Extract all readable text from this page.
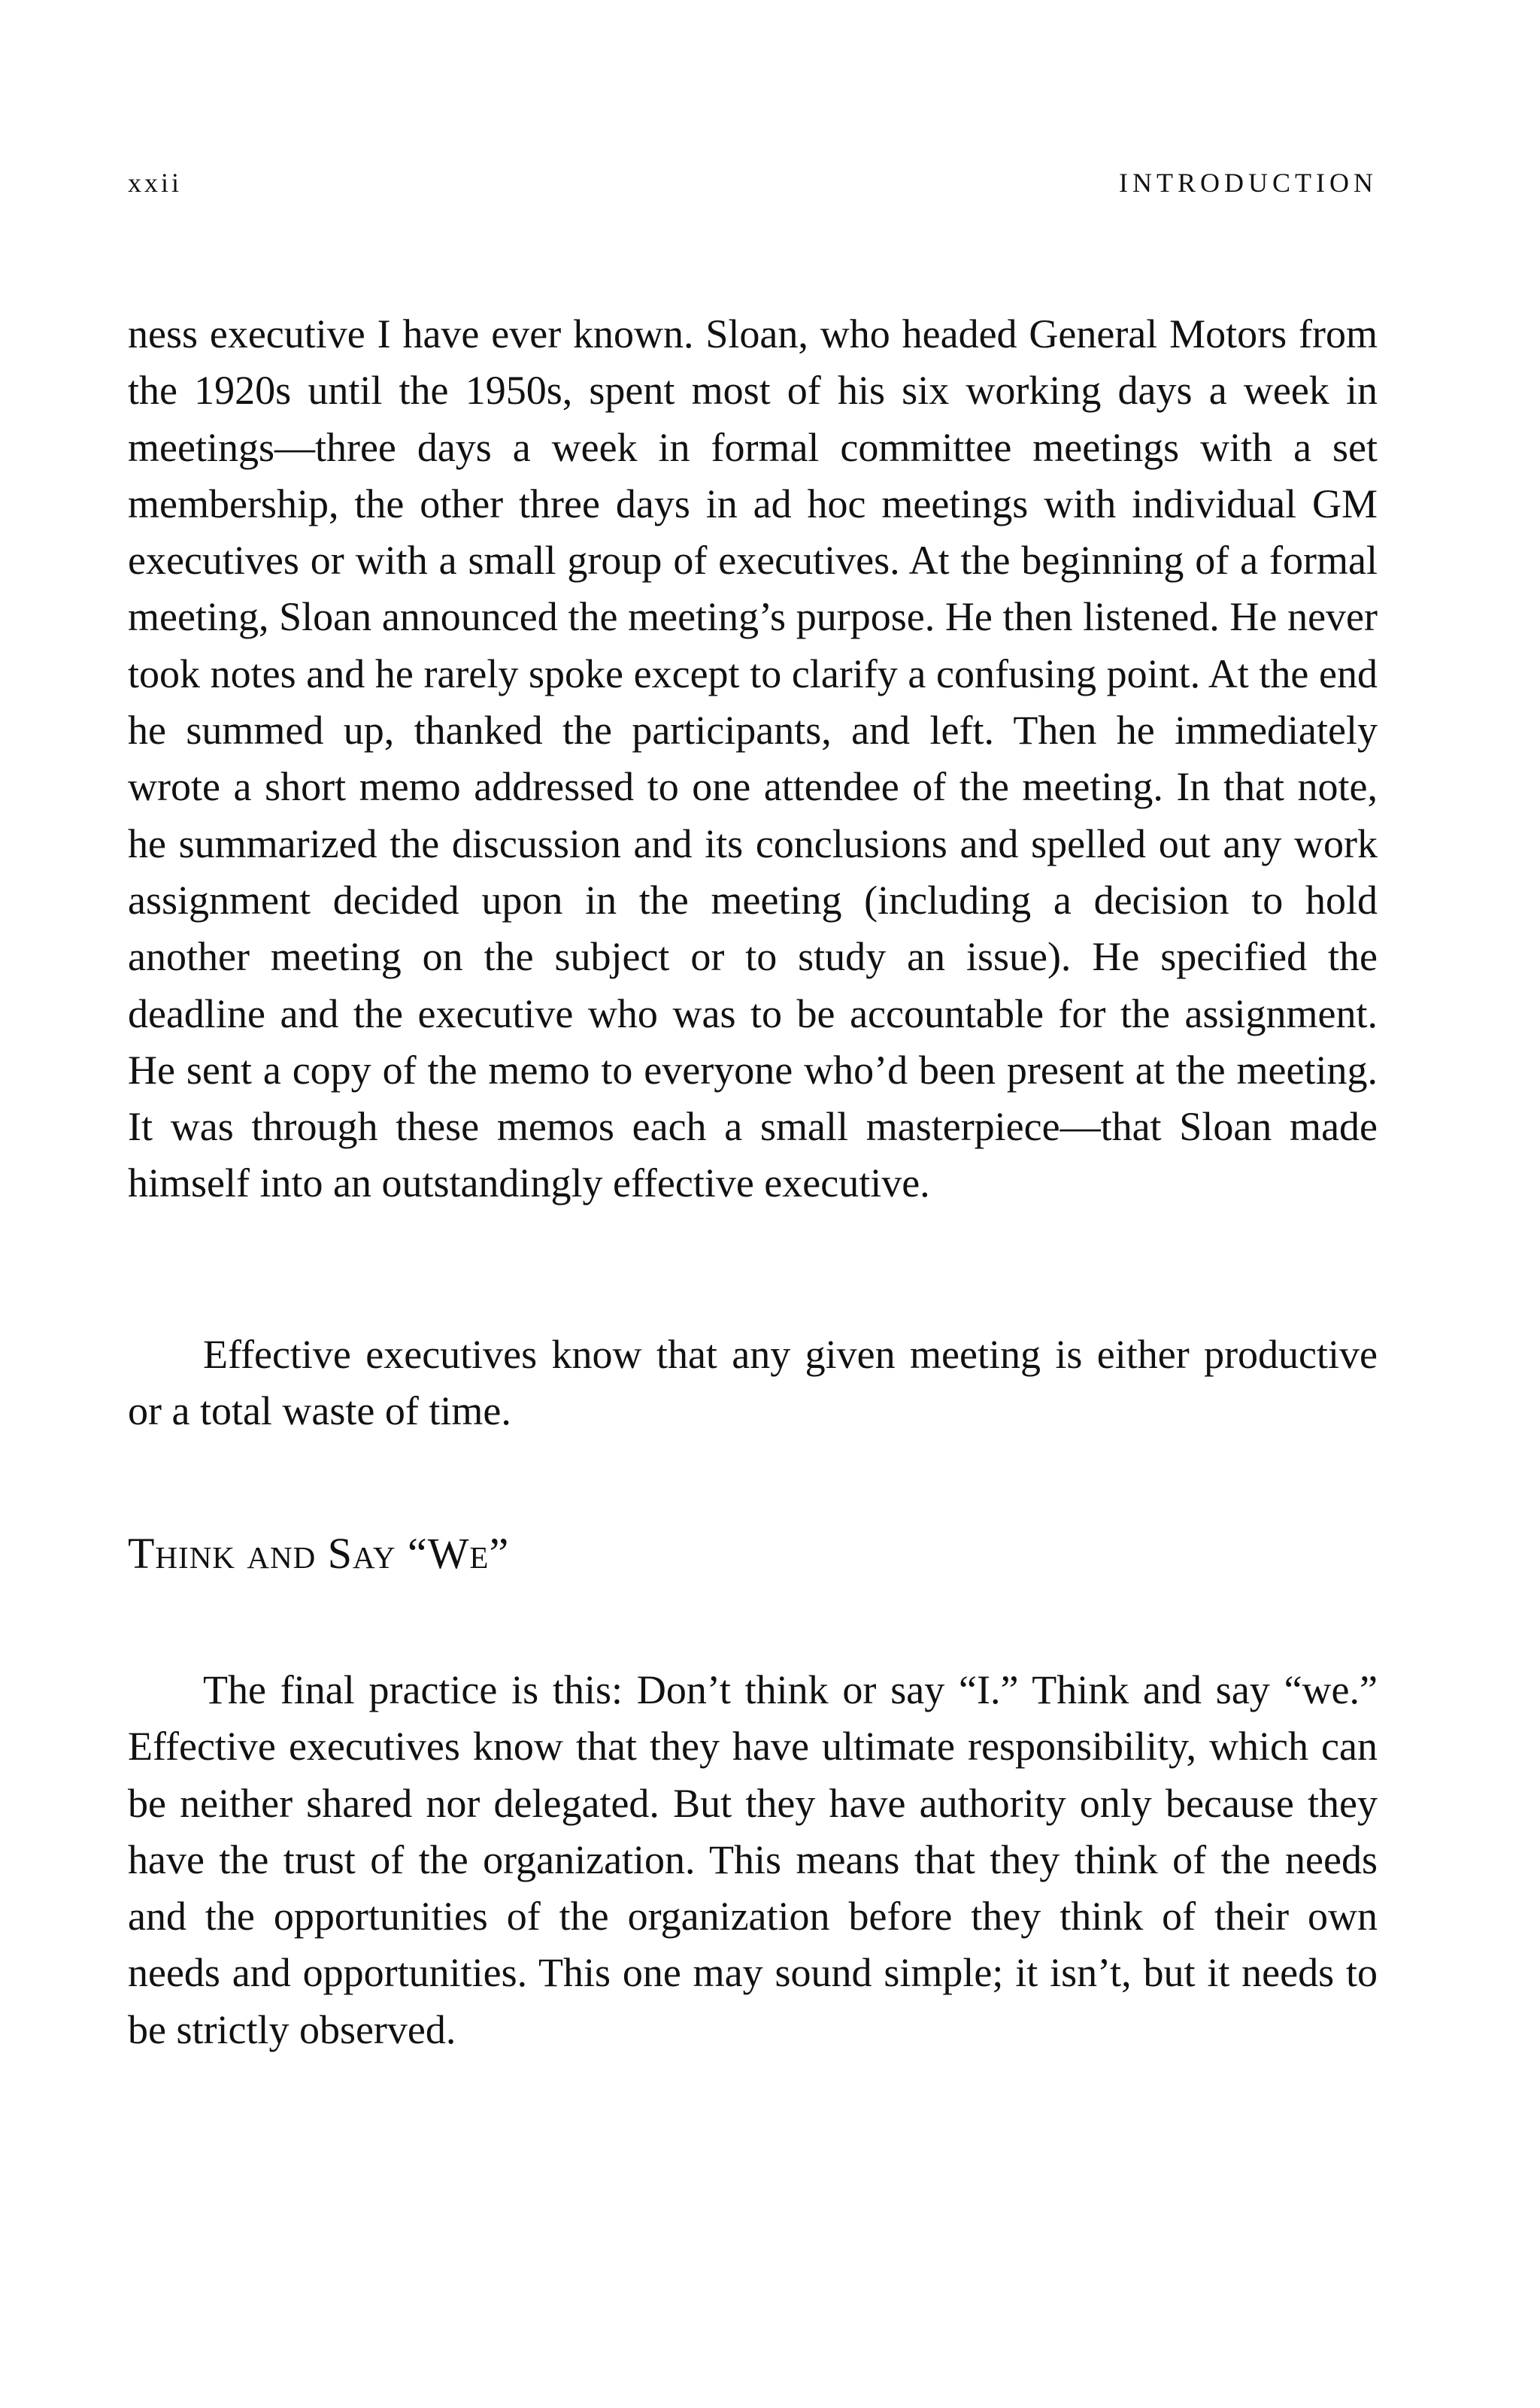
xxii	INTRODUCTION

ness executive I have ever known. Sloan, who headed General Motors from the 1920s until the 1950s, spent most of his six working days a week in meetings—three days a week in formal committee meetings with a set membership, the other three days in ad hoc meetings with individual GM executives or with a small group of executives. At the beginning of a formal meeting, Sloan announced the meeting’s purpose. He then listened. He never took notes and he rarely spoke except to clarify a confusing point. At the end he summed up, thanked the participants, and left. Then he immediately wrote a short memo addressed to one attendee of the meeting. In that note, he summarized the discussion and its conclusions and spelled out any work assignment decided upon in the meeting (including a decision to hold another meeting on the subject or to study an issue). He specified the deadline and the executive who was to be accountable for the assignment. He sent a copy of the memo to everyone who’d been present at the meeting. It was through these memos each a small masterpiece—that Sloan made himself into an outstandingly effective executive.

Effective executives know that any given meeting is either productive or a total waste of time.

Think and Say “We”

The final practice is this: Don’t think or say “I.” Think and say “we.” Effective executives know that they have ultimate responsibility, which can be neither shared nor delegated. But they have authority only because they have the trust of the organization. This means that they think of the needs and the opportunities of the organization before they think of their own needs and opportunities. This one may sound simple; it isn’t, but it needs to be strictly observed.
